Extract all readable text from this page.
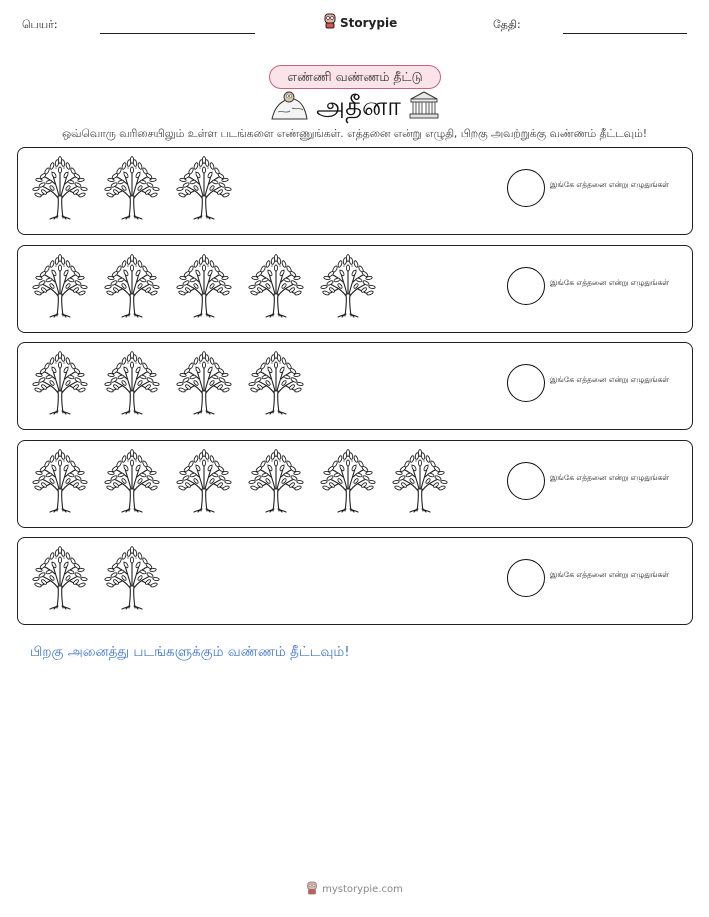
பெயர்:	Storypie	தேதி:
எண்ணி வண்ணம் தீட்டு
அதீனா
ஒவ்வொரு வரிசையிலும் உள்ள படங்களை எண்ணுங்கள். எத்தனை என்று எழுதி, பிறகு அவற்றுக்கு வண்ணம் தீட்டவும்!
இங்கே எத்தனை என்று எழுதுங்கள்
இங்கே எத்தனை என்று எழுதுங்கள்
இங்கே எத்தனை என்று எழுதுங்கள்
இங்கே எத்தனை என்று எழுதுங்கள்
இங்கே எத்தனை என்று எழுதுங்கள்
பிறகு அனைத்து படங்களுக்கும் வண்ணம் தீட்டவும்!
mystorypie.com
